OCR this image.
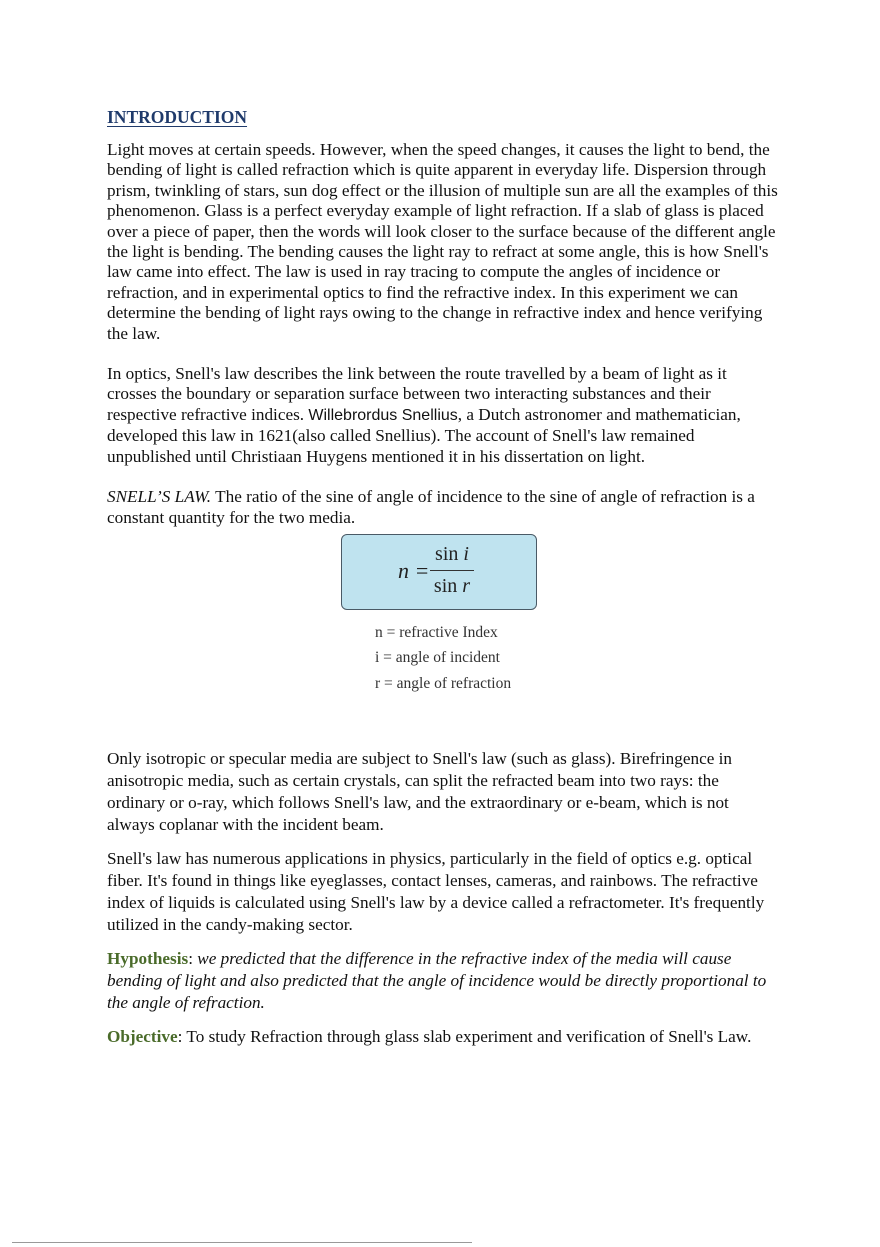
INTRODUCTION

Light moves at certain speeds. However, when the speed changes, it causes the light to bend, the bending of light is called refraction which is quite apparent in everyday life. Dispersion through prism, twinkling of stars, sun dog effect or the illusion of multiple sun are all the examples of this phenomenon. Glass is a perfect everyday example of light refraction. If a slab of glass is placed over a piece of paper, then the words will look closer to the surface because of the different angle the light is bending. The bending causes the light ray to refract at some angle, this is how Snell's law came into effect. The law is used in ray tracing to compute the angles of incidence or refraction, and in experimental optics to find the refractive index. In this experiment we can determine the bending of light rays owing to the change in refractive index and hence verifying the law.

In optics, Snell's law describes the link between the route travelled by a beam of light as it crosses the boundary or separation surface between two interacting substances and their respective refractive indices. Willebrordus Snellius, a Dutch astronomer and mathematician, developed this law in 1621(also called Snellius). The account of Snell's law remained unpublished until Christiaan Huygens mentioned it in his dissertation on light.

SNELL’S LAW. The ratio of the sine of angle of incidence to the sine of angle of refraction is a constant quantity for the two media.

n =
sin i
sin r
n = refractive Index
i = angle of incident
r = angle of refraction

Only isotropic or specular media are subject to Snell's law (such as glass). Birefringence in anisotropic media, such as certain crystals, can split the refracted beam into two rays: the ordinary or o-ray, which follows Snell's law, and the extraordinary or e-beam, which is not always coplanar with the incident beam.

Snell's law has numerous applications in physics, particularly in the field of optics e.g. optical fiber. It's found in things like eyeglasses, contact lenses, cameras, and rainbows. The refractive index of liquids is calculated using Snell's law by a device called a refractometer. It's frequently utilized in the candy-making sector.

Hypothesis: we predicted that the difference in the refractive index of the media will cause bending of light and also predicted that the angle of incidence would be directly proportional to the angle of refraction.

Objective: To study Refraction through glass slab experiment and verification of Snell's Law.
